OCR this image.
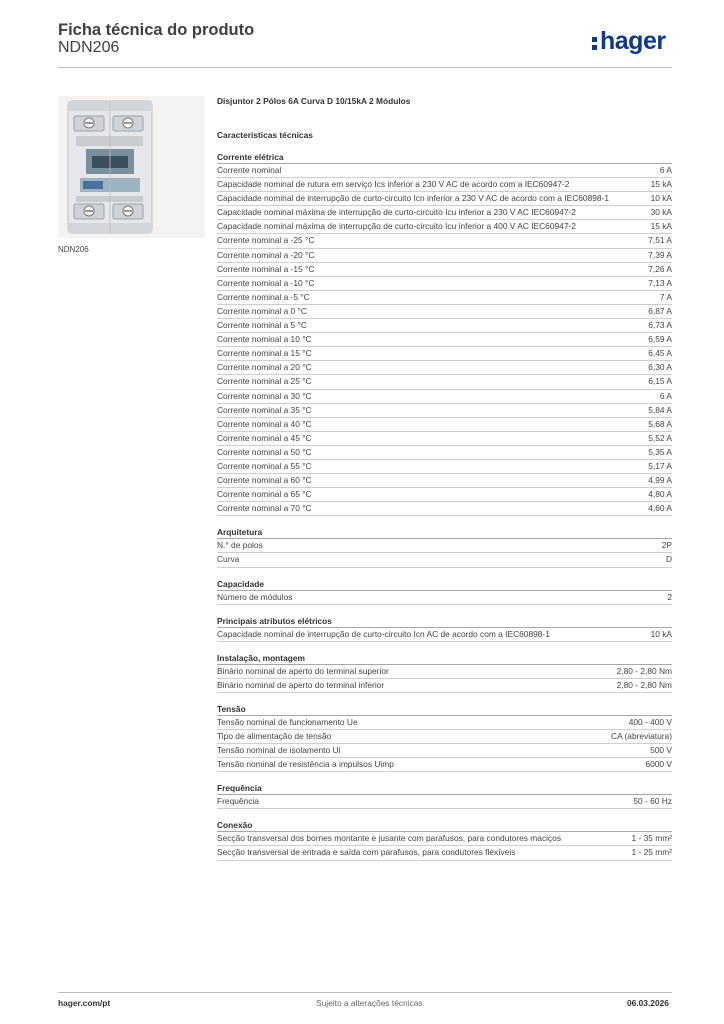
Ficha técnica do produto
NDN206	hager
NDN206
Disjuntor 2 Pólos 6A Curva D 10/15kA 2 Módulos
Características técnicas
Corrente elétrica
Corrente nominal	6 A
Capacidade nominal de rutura em serviço Ics inferior a 230 V AC de acordo com a IEC60947-2	15 kA
Capacidade nominal de interrupção de curto-circuito Icn inferior a 230 V AC de acordo com a IEC60898-1	10 kA
Capacidade nominal máxima de interrupção de curto-circuito Icu inferior a 230 V AC IEC60947-2	30 kA
Capacidade nominal máxima de interrupção de curto-circuito Icu inferior a 400 V AC IEC60947-2	15 kA
Corrente nominal a -25 °C	7,51 A
Corrente nominal a -20 °C	7,39 A
Corrente nominal a -15 °C	7,26 A
Corrente nominal a -10 °C	7,13 A
Corrente nominal a -5 °C	7 A
Corrente nominal a 0 °C	6,87 A
Corrente nominal a 5 °C	6,73 A
Corrente nominal a 10 °C	6,59 A
Corrente nominal a 15 °C	6,45 A
Corrente nominal a 20 °C	6,30 A
Corrente nominal a 25 °C	6,15 A
Corrente nominal a 30 °C	6 A
Corrente nominal a 35 °C	5,84 A
Corrente nominal a 40 °C	5,68 A
Corrente nominal a 45 °C	5,52 A
Corrente nominal a 50 °C	5,35 A
Corrente nominal a 55 °C	5,17 A
Corrente nominal a 60 °C	4,99 A
Corrente nominal a 65 °C	4,80 A
Corrente nominal a 70 °C	4,60 A
Arquitetura
N.° de polos	2P
Curva	D
Capacidade
Número de módulos	2
Principais atributos elétricos
Capacidade nominal de interrupção de curto-circuito Icn AC de acordo com a IEC60898-1	10 kA
Instalação, montagem
Binário nominal de aperto do terminal superior	2,80 - 2,80 Nm
Binário nominal de aperto do terminal inferior	2,80 - 2,80 Nm
Tensão
Tensão nominal de funcionamento Ue	400 - 400 V
Tipo de alimentação de tensão	CA (abreviatura)
Tensão nominal de isolamento Ui	500 V
Tensão nominal de resistência a impulsos Uimp	6000 V
Frequência
Frequência	50 - 60 Hz
Conexão
Secção transversal dos bornes montante e jusante com parafusos, para condutores maciços	1 - 35 mm²
Secção transversal de entrada e saída com parafusos, para condutores flexíveis	1 - 25 mm²
hager.com/pt	Sujeito a alterações técnicas	06.03.2026
